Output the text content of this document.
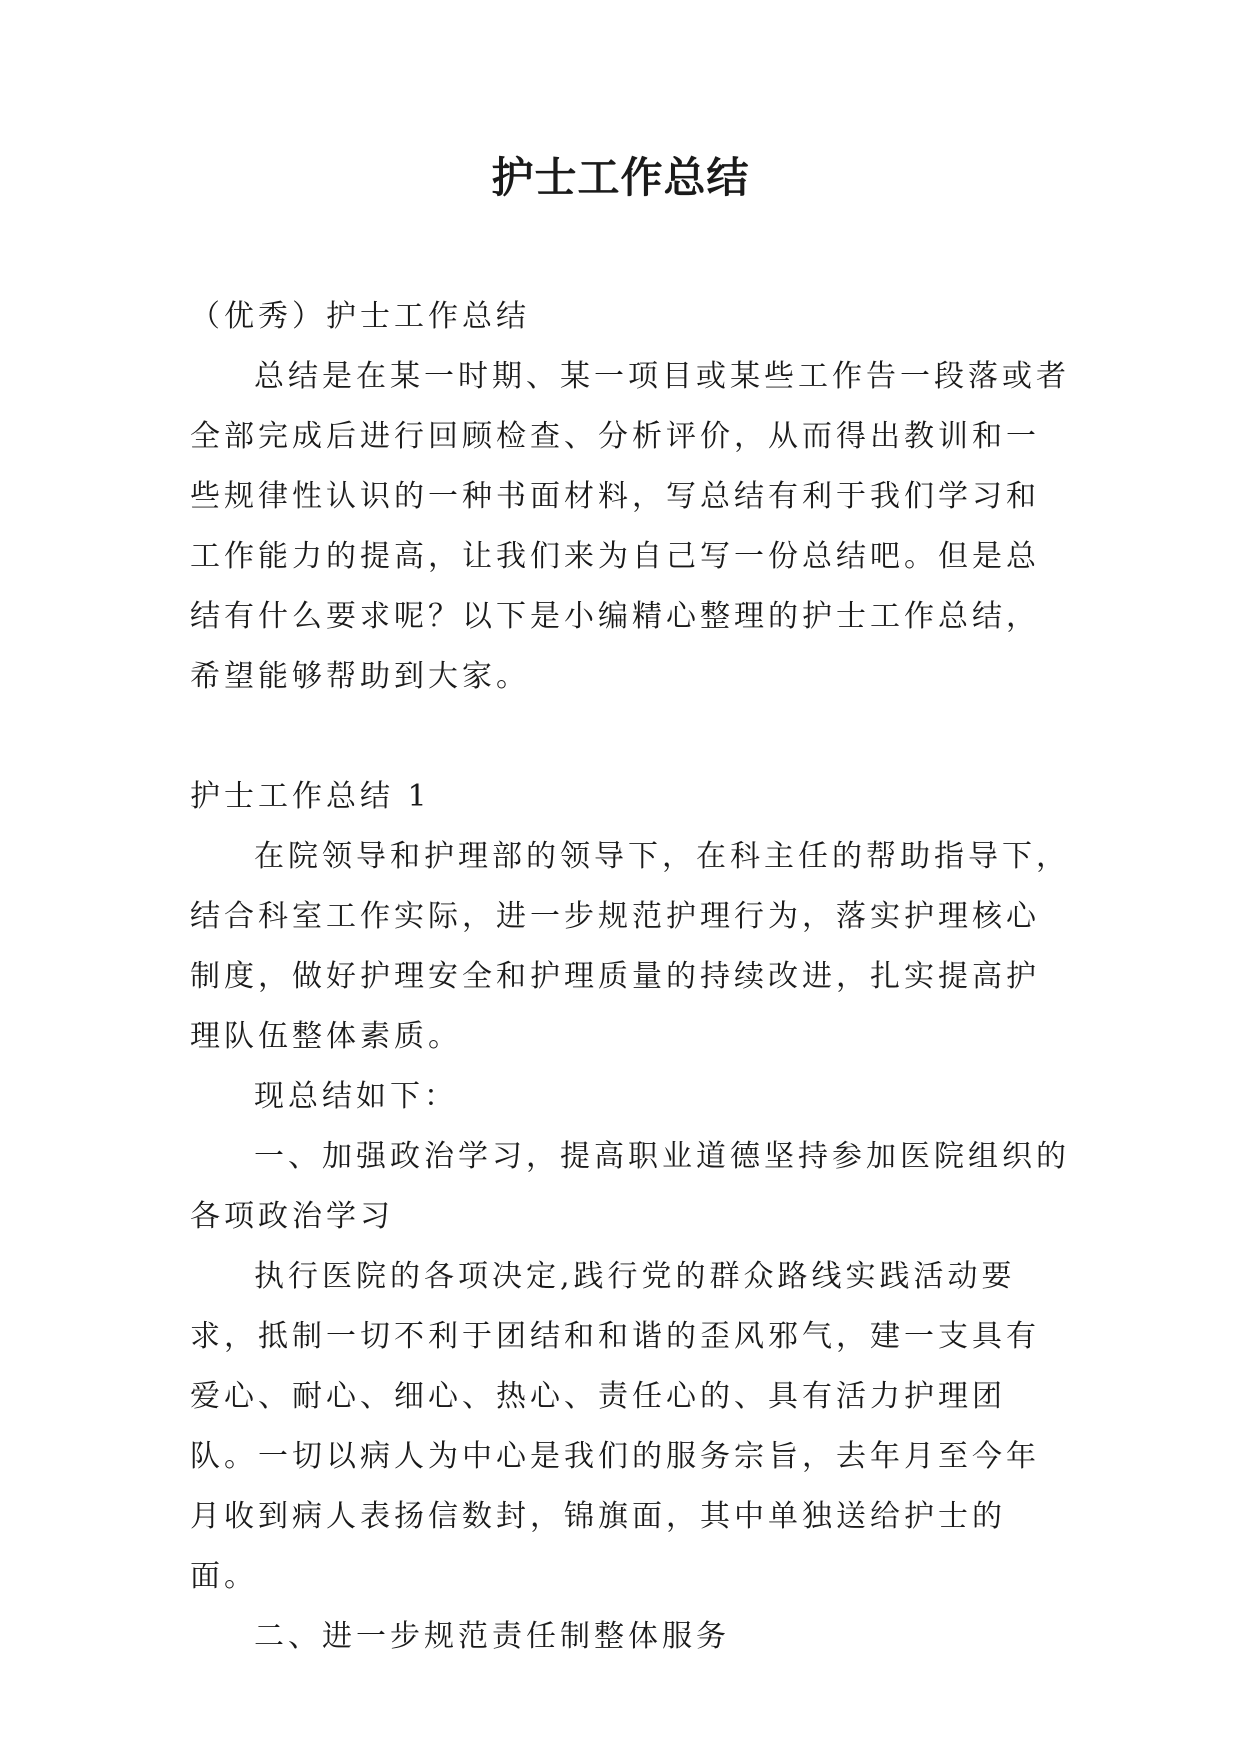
护士工作总结

（优秀）护士工作总结

总结是在某一时期、某一项目或某些工作告一段落或者全部完成后进行回顾检查、分析评价，从而得出教训和一些规律性认识的一种书面材料，写总结有利于我们学习和工作能力的提高，让我们来为自己写一份总结吧。但是总结有什么要求呢？以下是小编精心整理的护士工作总结，希望能够帮助到大家。

护士工作总结 1

在院领导和护理部的领导下，在科主任的帮助指导下，结合科室工作实际，进一步规范护理行为，落实护理核心制度，做好护理安全和护理质量的持续改进，扎实提高护理队伍整体素质。

现总结如下：

一、加强政治学习，提高职业道德坚持参加医院组织的各项政治学习

执行医院的各项决定,践行党的群众路线实践活动要求，抵制一切不利于团结和和谐的歪风邪气，建一支具有爱心、耐心、细心、热心、责任心的、具有活力护理团队。一切以病人为中心是我们的服务宗旨，去年月至今年月收到病人表扬信数封，锦旗面，其中单独送给护士的面。

二、进一步规范责任制整体服务
